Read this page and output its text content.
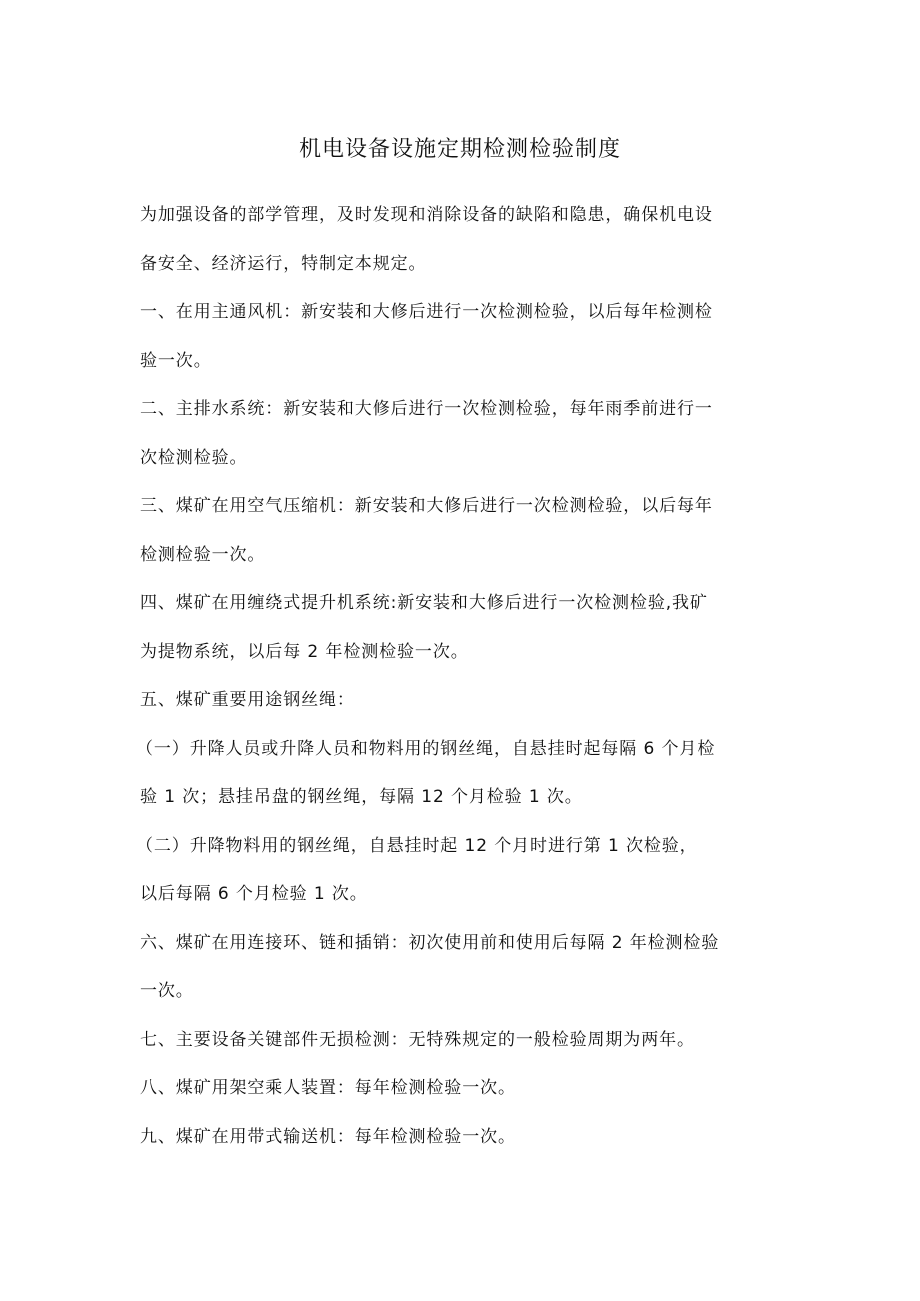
机电设备设施定期检测检验制度
为加强设备的部学管理，及时发现和消除设备的缺陷和隐患，确保机电设
备安全、经济运行，特制定本规定。
一、在用主通风机：新安装和大修后进行一次检测检验，以后每年检测检
验一次。
二、主排水系统：新安装和大修后进行一次检测检验，每年雨季前进行一
次检测检验。
三、煤矿在用空气压缩机：新安装和大修后进行一次检测检验，以后每年
检测检验一次。
四、煤矿在用缠绕式提升机系统:新安装和大修后进行一次检测检验,我矿
为提物系统，以后每 2 年检测检验一次。
五、煤矿重要用途钢丝绳：
（一）升降人员或升降人员和物料用的钢丝绳，自悬挂时起每隔 6 个月检
验 1 次；悬挂吊盘的钢丝绳，每隔 12 个月检验 1 次。
（二）升降物料用的钢丝绳，自悬挂时起 12 个月时进行第 1 次检验，
以后每隔 6 个月检验 1 次。
六、煤矿在用连接环、链和插销：初次使用前和使用后每隔 2 年检测检验
一次。
七、主要设备关键部件无损检测：无特殊规定的一般检验周期为两年。
八、煤矿用架空乘人装置：每年检测检验一次。
九、煤矿在用带式输送机：每年检测检验一次。
